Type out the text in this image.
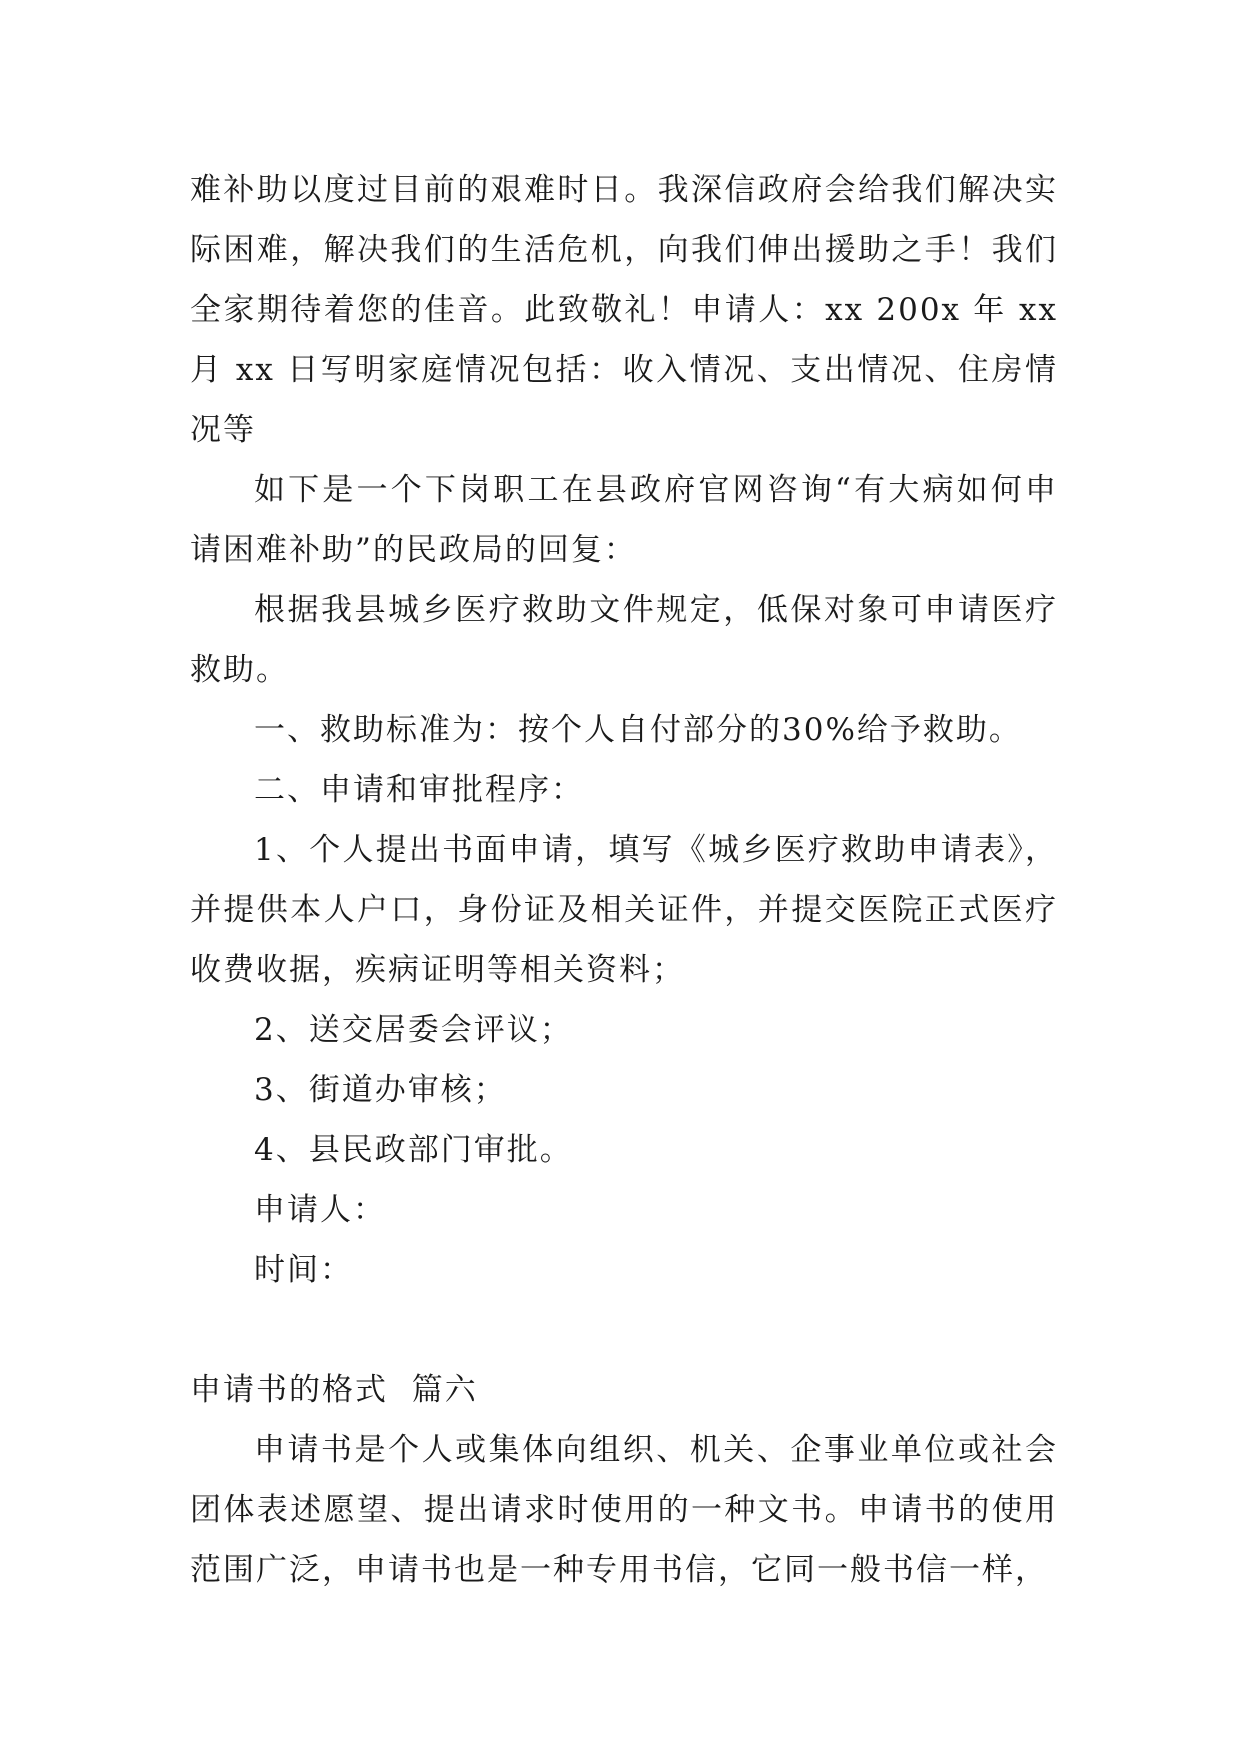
难补助以度过目前的艰难时日。我深信政府会给我们解决实际困难，解决我们的生活危机，向我们伸出援助之手！我们全家期待着您的佳音。此致敬礼！申请人：xx 200x 年 xx 月 xx 日写明家庭情况包括：收入情况、支出情况、住房情况等

如下是一个下岗职工在县政府官网咨询“有大病如何申请困难补助”的民政局的回复：

根据我县城乡医疗救助文件规定，低保对象可申请医疗救助。

一、救助标准为：按个人自付部分的30%给予救助。

二、申请和审批程序：

1、个人提出书面申请，填写《城乡医疗救助申请表》，并提供本人户口，身份证及相关证件，并提交医院正式医疗收费收据，疾病证明等相关资料；

2、送交居委会评议；

3、街道办审核；

4、县民政部门审批。

申请人：

时间：

申请书的格式  篇六

申请书是个人或集体向组织、机关、企事业单位或社会团体表述愿望、提出请求时使用的一种文书。申请书的使用范围广泛，申请书也是一种专用书信，它同一般书信一样，
